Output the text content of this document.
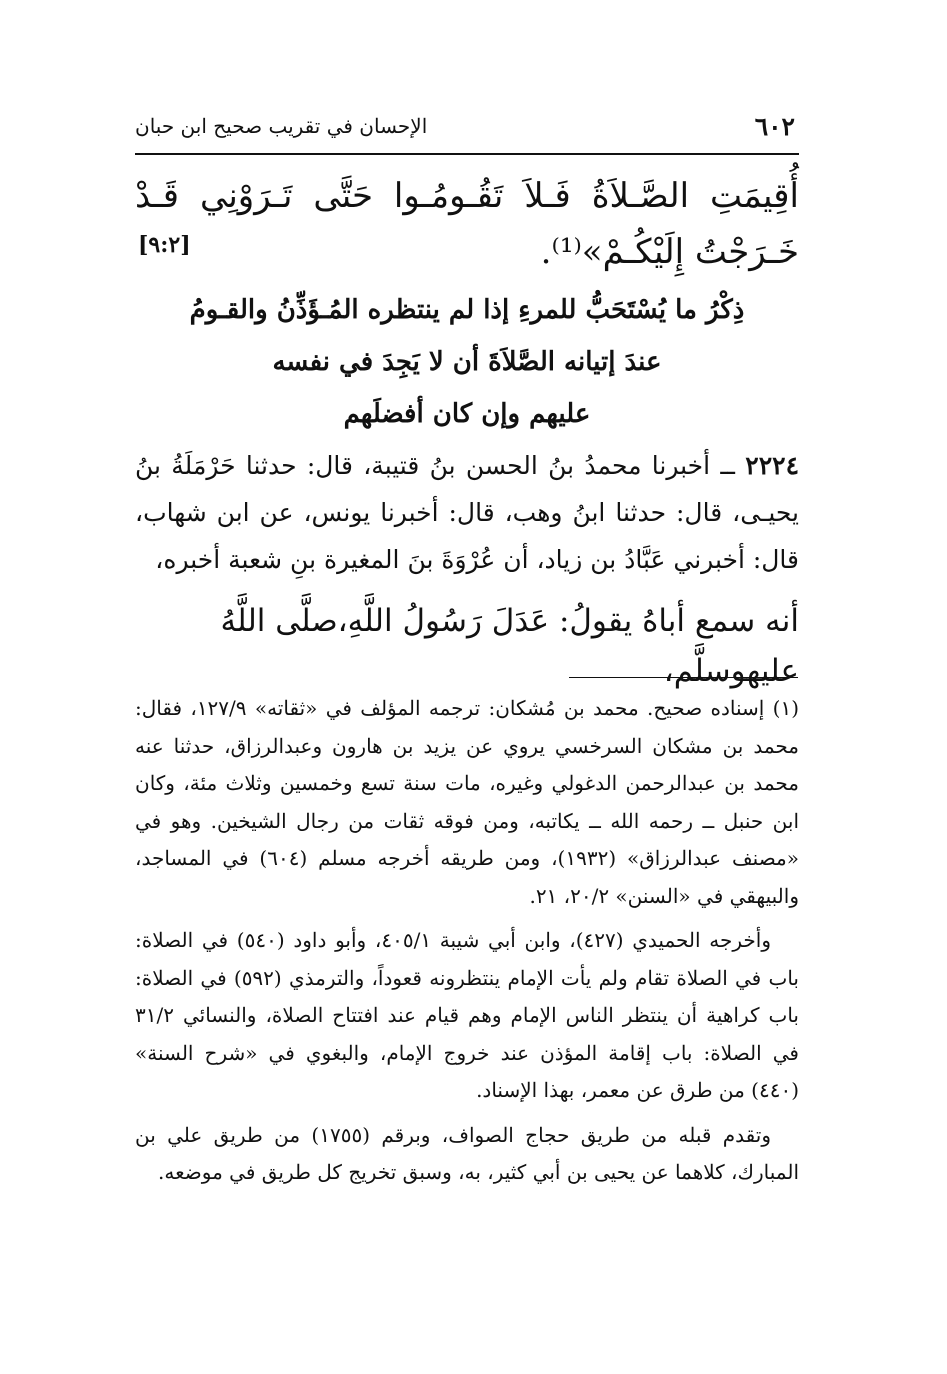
٦٠٢
الإحسان في تقريب صحيح ابن حبان
أُقِيمَتِ الصَّـلاَةُ فَـلاَ تَقُـومُـوا حَتَّى تَـرَوْنِي قَـدْ خَـرَجْتُ إِلَيْكُـمْ»⁽¹⁾.
[٩:٢]
ذِكْرُ ما يُسْتَحَبُّ للمرءِ إذا لم ينتظره المُـؤَذِّنُ والقـومُ
عندَ إتيانه الصَّلاَةَ أن لا يَجِدَ في نفسه
عليهم وإن كان أفضلَهم
٢٢٢٤ ــ أخبرنا محمدُ بنُ الحسن بنُ قتيبة، قال: حدثنا حَرْمَلَةُ بنُ يحيـى، قال: حدثنا ابنُ وهب، قال: أخبرنا يونس، عن ابن شهاب، قال: أخبرني عَبَّادُ بن زياد، أن عُرْوَةَ بنَ المغيرة بنِ شعبة أخبره،
أنه سمع أباهُ يقولُ: عَدَلَ رَسُولُ اللَّهِ،صلَّى اللَّهُ عليهوسلَّم،

(١) إسناده صحيح. محمد بن مُشكان: ترجمه المؤلف في «ثقاته» ١٢٧/٩، فقال: محمد بن مشكان السرخسي يروي عن يزيد بن هارون وعبدالرزاق، حدثنا عنه محمد بن عبدالرحمن الدغولي وغيره، مات سنة تسع وخمسين وثلاث مئة، وكان ابن حنبل ــ رحمه الله ــ يكاتبه، ومن فوقه ثقات من رجال الشيخين. وهو في «مصنف عبدالرزاق» (١٩٣٢)، ومن طريقه أخرجه مسلم (٦٠٤) في المساجد، والبيهقي في «السنن» ٢٠/٢، ٢١.

وأخرجه الحميدي (٤٢٧)، وابن أبي شيبة ٤٠٥/١، وأبو داود (٥٤٠) في الصلاة: باب في الصلاة تقام ولم يأت الإمام ينتظرونه قعوداً، والترمذي (٥٩٢) في الصلاة: باب كراهية أن ينتظر الناس الإمام وهم قيام عند افتتاح الصلاة، والنسائي ٣١/٢ في الصلاة: باب إقامة المؤذن عند خروج الإمام، والبغوي في «شرح السنة» (٤٤٠) من طرق عن معمر، بهذا الإسناد.

وتقدم قبله من طريق حجاج الصواف، وبرقم (١٧٥٥) من طريق علي بن المبارك، كلاهما عن يحيى بن أبي كثير، به، وسبق تخريج كل طريق في موضعه.
